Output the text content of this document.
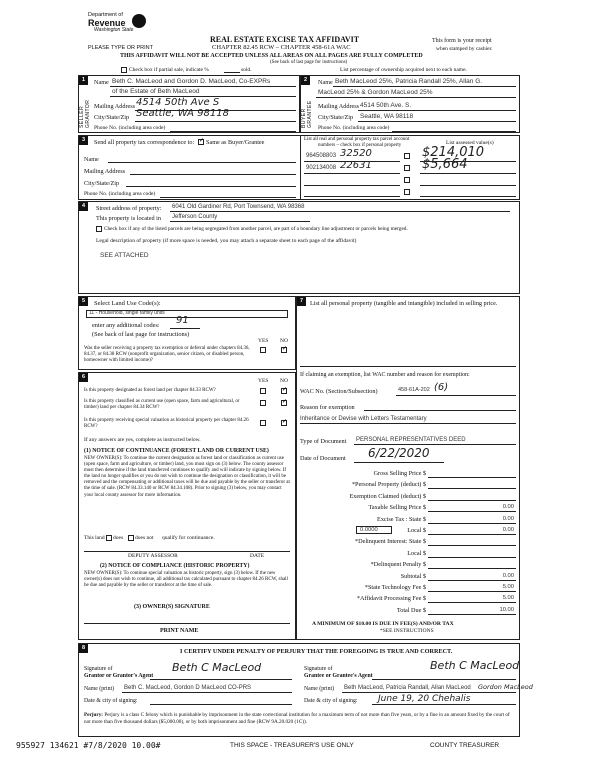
Department of
Revenue
Washington State
PLEASE TYPE OR PRINT
REAL ESTATE EXCISE TAX AFFIDAVIT
CHAPTER 82.45 RCW – CHAPTER 458-61A WAC
This form is your receipt
when stamped by cashier.
THIS AFFIDAVIT WILL NOT BE ACCEPTED UNLESS ALL AREAS ON ALL PAGES ARE FULLY COMPLETED
(See back of last page for instructions)
Check box if partial sale, indicate %	sold.	List percentage of ownership acquired next to each name.
1	2
SELLER GRANTOR	BUYER GRANTEE
Name Beth C. MacLeod and Gordon D. MacLeod, Co-EXPRs
of the Estate of Beth MacLeod
Mailing Address 4514 50th Ave S
City/State/Zip Seattle, WA 98118
Phone No. (including area code)
Name Beth MacLeod 25%, Patricia Randall 25%, Allan G.
MacLeod 25% & Gordon MacLeod 25%
Mailing Address 4514 50th Ave. S.
City/State/Zip Seattle, WA 98118
Phone No. (including area code)
3	Send all property tax correspondence to:
✓ Same as Buyer/Grantee
Name
Mailing Address
City/State/Zip
Phone No. (including area code)
List all real and personal property tax parcel account
numbers – check box if personal property	List assessed value(s)
964508803 32520	$214,010
902134008 22631	$5,664
4	Street address of property: 6041 Old Gardiner Rd, Port Townsend, WA 98368
This property is located in Jefferson County
Check box if any of the listed parcels are being segregated from another parcel, are part of a boundary line adjustment or parcels being merged.
Legal description of property (if more space is needed, you may attach a separate sheet to each page of the affidavit)
SEE ATTACHED
5	Select Land Use Code(s):
11 - Household, single family units
enter any additional codes: 91
(See back of last page for instructions)
YES NO
Was the seller receiving a property tax exemption or deferral under chapters 84.36, 84.37, or 84.38 RCW (nonprofit organization, senior citizen, or disabled person, homeowner with limited income)?
✓
6
YES NO
Is this property designated as forest land per chapter 84.33 RCW?
✓
Is this property classified as current use (open space, farm and agricultural, or timber) land per chapter 84.34 RCW?
✓
Is this property receiving special valuation as historical property per chapter 84.26 RCW?
✓
If any answers are yes, complete as instructed below.
(1) NOTICE OF CONTINUANCE (FOREST LAND OR CURRENT USE)
NEW OWNER(S): To continue the current designation as forest land or classification as current use (open space, farm and agriculture, or timber) land, you must sign on (3) below. The county assessor must then determine if the land transferred continues to qualify and will indicate by signing below. If the land no longer qualifies or you do not wish to continue the designation or classification, it will be removed and the compensating or additional taxes will be due and payable by the seller or transferor at the time of sale. (RCW 84.33.140 or RCW 84.34.108). Prior to signing (3) below, you may contact your local county assessor for more information.
This land does does not qualify for continuance.
DEPUTY ASSESSOR	DATE
(2) NOTICE OF COMPLIANCE (HISTORIC PROPERTY)
NEW OWNER(S): To continue special valuation as historic property, sign (3) below. If the new owner(s) does not wish to continue, all additional tax calculated pursuant to chapter 84.26 RCW, shall be due and payable by the seller or transferor at the time of sale.
(3) OWNER(S) SIGNATURE
PRINT NAME
7	List all personal property (tangible and intangible) included in selling price.
If claiming an exemption, list WAC number and reason for exemption:
WAC No. (Section/Subsection)	458-61A-202 (6)
Reason for exemption
Inheritance or Devise with Letters Testamentary
Type of Document PERSONAL REPRESENTATIVES DEED
Date of Document 6/22/2020
Gross Selling Price $
*Personal Property (deduct) $
Exemption Claimed (deduct) $
Taxable Selling Price $	0.00
Excise Tax : State $	0.00
Local $	0.00
0.0000
*Delinquent Interest: State $
Local $
*Delinquent Penalty $
Subtotal $	0.00
*State Technology Fee $	5.00
*Affidavit Processing Fee $	5.00
Total Due $	10.00
A MINIMUM OF $10.00 IS DUE IN FEE(S) AND/OR TAX
*SEE INSTRUCTIONS
8	I CERTIFY UNDER PENALTY OF PERJURY THAT THE FOREGOING IS TRUE AND CORRECT.
Signature of
Grantor or Grantor's Agent
Beth C MacLeod
Name (print) Beth C. MacLeod, Gordon D MacLeod CO-PRS
Date & city of signing:
Signature of
Grantee or Grantee's Agent
Beth C MacLeod
Name (print) Beth MacLeod, Patricia Randall, Allan MacLeod Gordon MacLeod
Date & city of signing: June 19, 20 Chehalis
Perjury: Perjury is a class C felony which is punishable by imprisonment in the state correctional institution for a maximum term of not more than five years, or by a fine in an amount fixed by the court of not more than five thousand dollars ($5,000.00), or by both imprisonment and fine (RCW 9A.20.020 (1C)).
955927 134621 #7/8/2020 10.00#	THIS SPACE - TREASURER'S USE ONLY	COUNTY TREASURER
